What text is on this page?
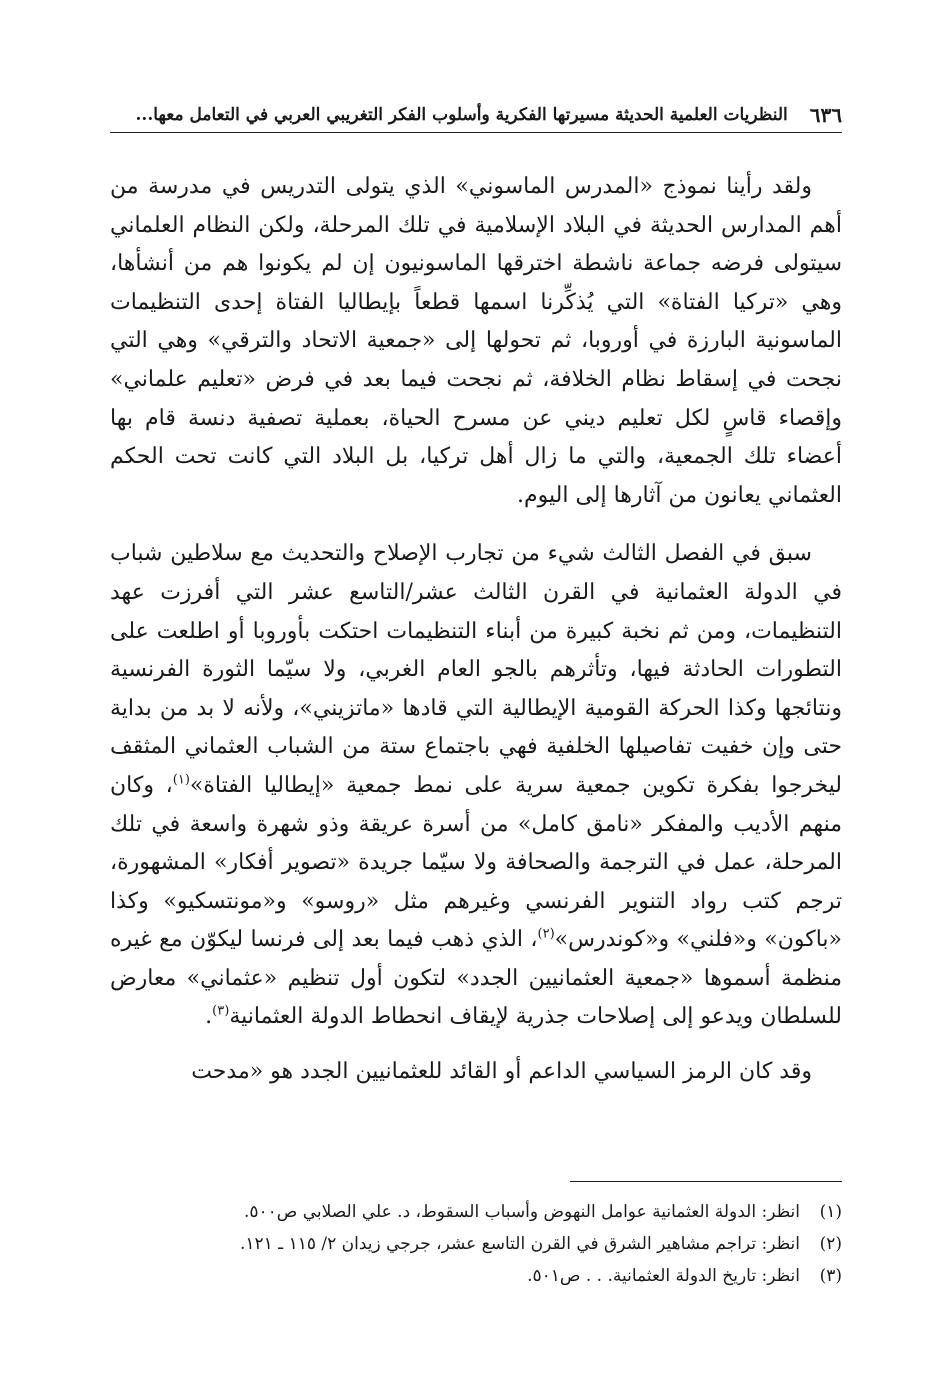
٦٣٦
النظريات العلمية الحديثة مسيرتها الفكرية وأسلوب الفكر التغريبي العربي في التعامل معها...

ولقد رأينا نموذج «المدرس الماسوني» الذي يتولى التدريس في مدرسة من أهم المدارس الحديثة في البلاد الإسلامية في تلك المرحلة، ولكن النظام العلماني سيتولى فرضه جماعة ناشطة اخترقها الماسونيون إن لم يكونوا هم من أنشأها، وهي «تركيا الفتاة» التي يُذكِّرنا اسمها قطعاً بإيطاليا الفتاة إحدى التنظيمات الماسونية البارزة في أوروبا، ثم تحولها إلى «جمعية الاتحاد والترقي» وهي التي نجحت في إسقاط نظام الخلافة، ثم نجحت فيما بعد في فرض «تعليم علماني» وإقصاء قاسٍ لكل تعليم ديني عن مسرح الحياة، بعملية تصفية دنسة قام بها أعضاء تلك الجمعية، والتي ما زال أهل تركيا، بل البلاد التي كانت تحت الحكم العثماني يعانون من آثارها إلى اليوم.

سبق في الفصل الثالث شيء من تجارب الإصلاح والتحديث مع سلاطين شباب في الدولة العثمانية في القرن الثالث عشر/التاسع عشر التي أفرزت عهد التنظيمات، ومن ثم نخبة كبيرة من أبناء التنظيمات احتكت بأوروبا أو اطلعت على التطورات الحادثة فيها، وتأثرهم بالجو العام الغربي، ولا سيّما الثورة الفرنسية ونتائجها وكذا الحركة القومية الإيطالية التي قادها «ماتزيني»، ولأنه لا بد من بداية حتى وإن خفيت تفاصيلها الخلفية فهي باجتماع ستة من الشباب العثماني المثقف ليخرجوا بفكرة تكوين جمعية سرية على نمط جمعية «إيطاليا الفتاة»$^{(١)}$، وكان منهم الأديب والمفكر «نامق كامل» من أسرة عريقة وذو شهرة واسعة في تلك المرحلة، عمل في الترجمة والصحافة ولا سيّما جريدة «تصوير أفكار» المشهورة، ترجم كتب رواد التنوير الفرنسي وغيرهم مثل «روسو» و«مونتسكيو» وكذا «باكون» و«فلني» و«كوندرس»$^{(٢)}$، الذي ذهب فيما بعد إلى فرنسا ليكوّن مع غيره منظمة أسموها «جمعية العثمانيين الجدد» لتكون أول تنظيم «عثماني» معارض للسلطان ويدعو إلى إصلاحات جذرية لإيقاف انحطاط الدولة العثمانية$^{(٣)}$.

وقد كان الرمز السياسي الداعم أو القائد للعثمانيين الجدد هو «مدحت

(١)
انظر: الدولة العثمانية عوامل النهوض وأسباب السقوط، د. علي الصلابي ص٥٠٠.
(٢)
انظر: تراجم مشاهير الشرق في القرن التاسع عشر، جرجي زيدان ٢/ ١١٥ ـ ١٢١.
(٣)
انظر: تاريخ الدولة العثمانية. . . ص٥٠١.
